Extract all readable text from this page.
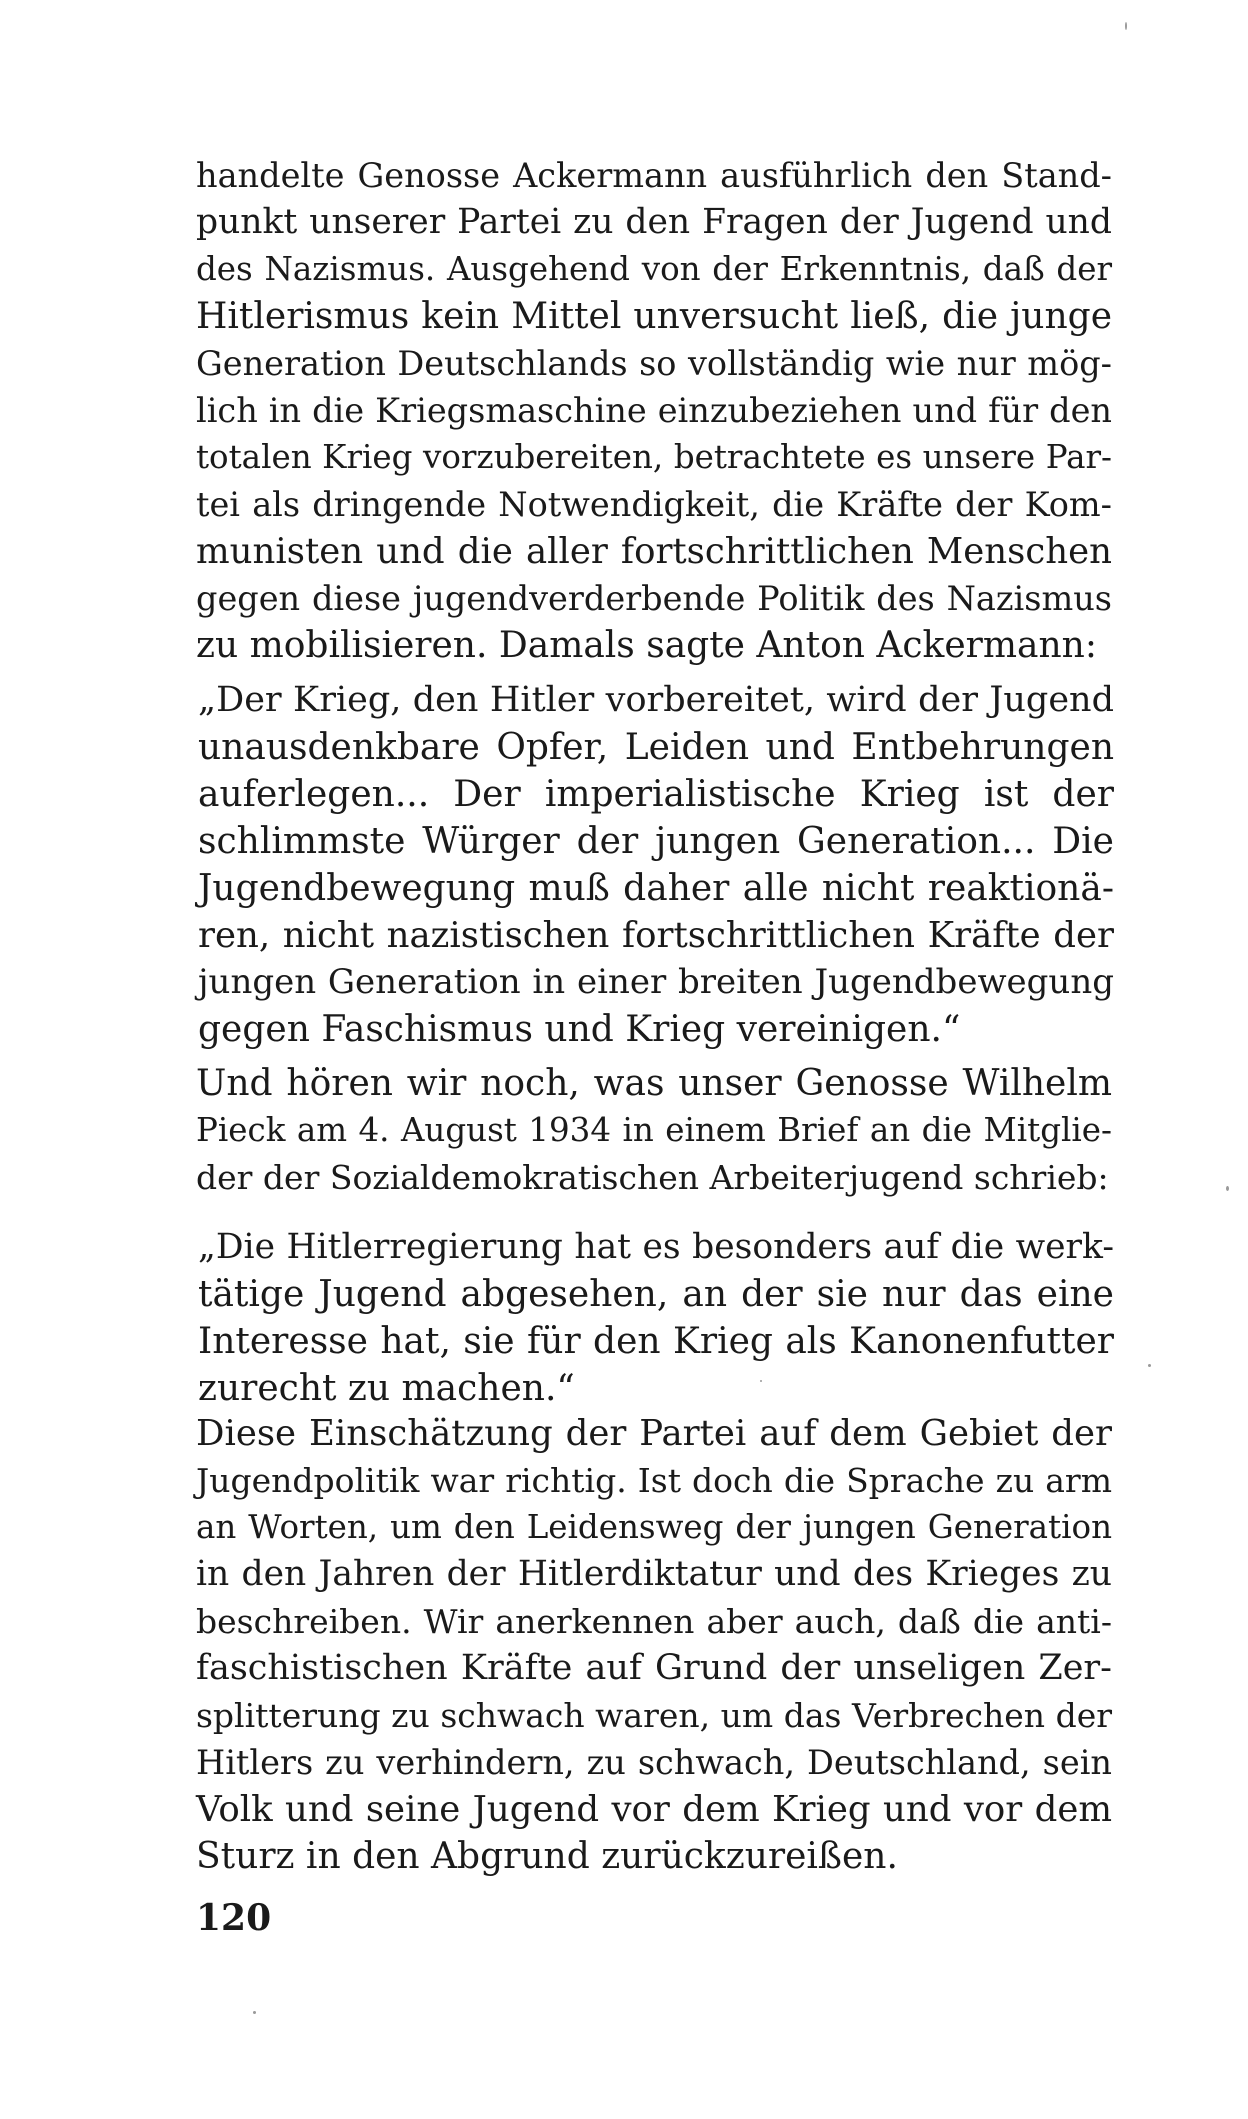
handelte Genosse Ackermann ausführlich den Stand-
punkt unserer Partei zu den Fragen der Jugend und
des Nazismus. Ausgehend von der Erkenntnis, daß der
Hitlerismus kein Mittel unversucht ließ, die junge
Generation Deutschlands so vollständig wie nur mög-
lich in die Kriegsmaschine einzubeziehen und für den
totalen Krieg vorzubereiten, betrachtete es unsere Par-
tei als dringende Notwendigkeit, die Kräfte der Kom-
munisten und die aller fortschrittlichen Menschen
gegen diese jugendverderbende Politik des Nazismus
zu mobilisieren. Damals sagte Anton Ackermann:
„Der Krieg, den Hitler vorbereitet, wird der Jugend
unausdenkbare Opfer, Leiden und Entbehrungen
auferlegen... Der imperialistische Krieg ist der
schlimmste Würger der jungen Generation... Die
Jugendbewegung muß daher alle nicht reaktionä-
ren, nicht nazistischen fortschrittlichen Kräfte der
jungen Generation in einer breiten Jugendbewegung
gegen Faschismus und Krieg vereinigen.“
Und hören wir noch, was unser Genosse Wilhelm
Pieck am 4. August 1934 in einem Brief an die Mitglie-
der der Sozialdemokratischen Arbeiterjugend schrieb:
„Die Hitlerregierung hat es besonders auf die werk-
tätige Jugend abgesehen, an der sie nur das eine
Interesse hat, sie für den Krieg als Kanonenfutter
zurecht zu machen.“
Diese Einschätzung der Partei auf dem Gebiet der
Jugendpolitik war richtig. Ist doch die Sprache zu arm
an Worten, um den Leidensweg der jungen Generation
in den Jahren der Hitlerdiktatur und des Krieges zu
beschreiben. Wir anerkennen aber auch, daß die anti-
faschistischen Kräfte auf Grund der unseligen Zer-
splitterung zu schwach waren, um das Verbrechen der
Hitlers zu verhindern, zu schwach, Deutschland, sein
Volk und seine Jugend vor dem Krieg und vor dem
Sturz in den Abgrund zurückzureißen.
120
